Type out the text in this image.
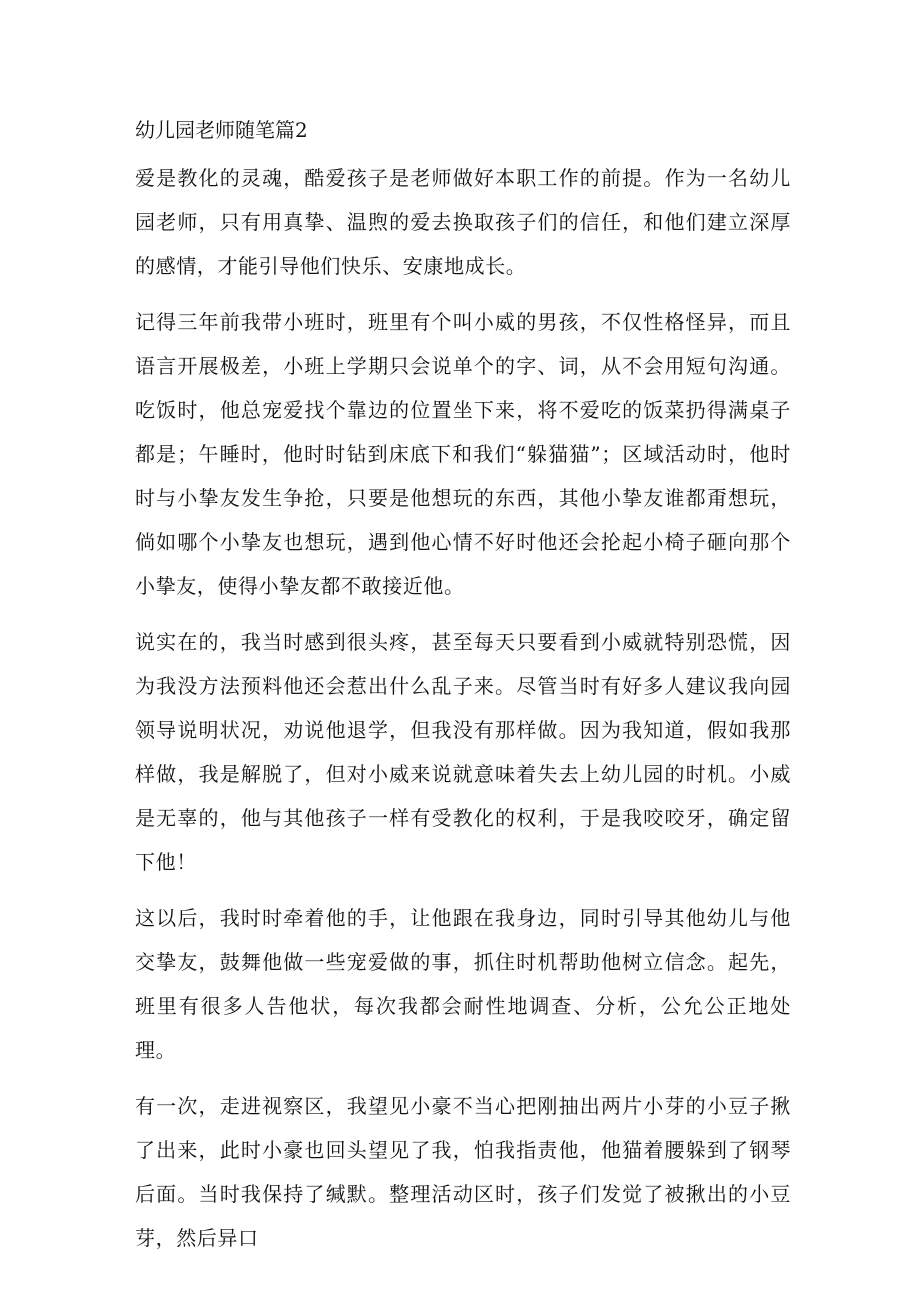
幼儿园老师随笔篇2

爱是教化的灵魂，酷爱孩子是老师做好本职工作的前提。作为一名幼儿园老师，只有用真挚、温煦的爱去换取孩子们的信任，和他们建立深厚的感情，才能引导他们快乐、安康地成长。

记得三年前我带小班时，班里有个叫小威的男孩，不仅性格怪异，而且语言开展极差，小班上学期只会说单个的字、词，从不会用短句沟通。吃饭时，他总宠爱找个靠边的位置坐下来，将不爱吃的饭菜扔得满桌子都是；午睡时，他时时钻到床底下和我们“躲猫猫”；区域活动时，他时时与小挚友发生争抢，只要是他想玩的东西，其他小挚友谁都甭想玩，倘如哪个小挚友也想玩，遇到他心情不好时他还会抡起小椅子砸向那个小挚友，使得小挚友都不敢接近他。

说实在的，我当时感到很头疼，甚至每天只要看到小威就特别恐慌，因为我没方法预料他还会惹出什么乱子来。尽管当时有好多人建议我向园领导说明状况，劝说他退学，但我没有那样做。因为我知道，假如我那样做，我是解脱了，但对小威来说就意味着失去上幼儿园的时机。小威是无辜的，他与其他孩子一样有受教化的权利，于是我咬咬牙，确定留下他！

这以后，我时时牵着他的手，让他跟在我身边，同时引导其他幼儿与他交挚友，鼓舞他做一些宠爱做的事，抓住时机帮助他树立信念。起先，班里有很多人告他状，每次我都会耐性地调查、分析，公允公正地处理。

有一次，走进视察区，我望见小豪不当心把刚抽出两片小芽的小豆子揪了出来，此时小豪也回头望见了我，怕我指责他，他猫着腰躲到了钢琴后面。当时我保持了缄默。整理活动区时，孩子们发觉了被揪出的小豆芽，然后异口
